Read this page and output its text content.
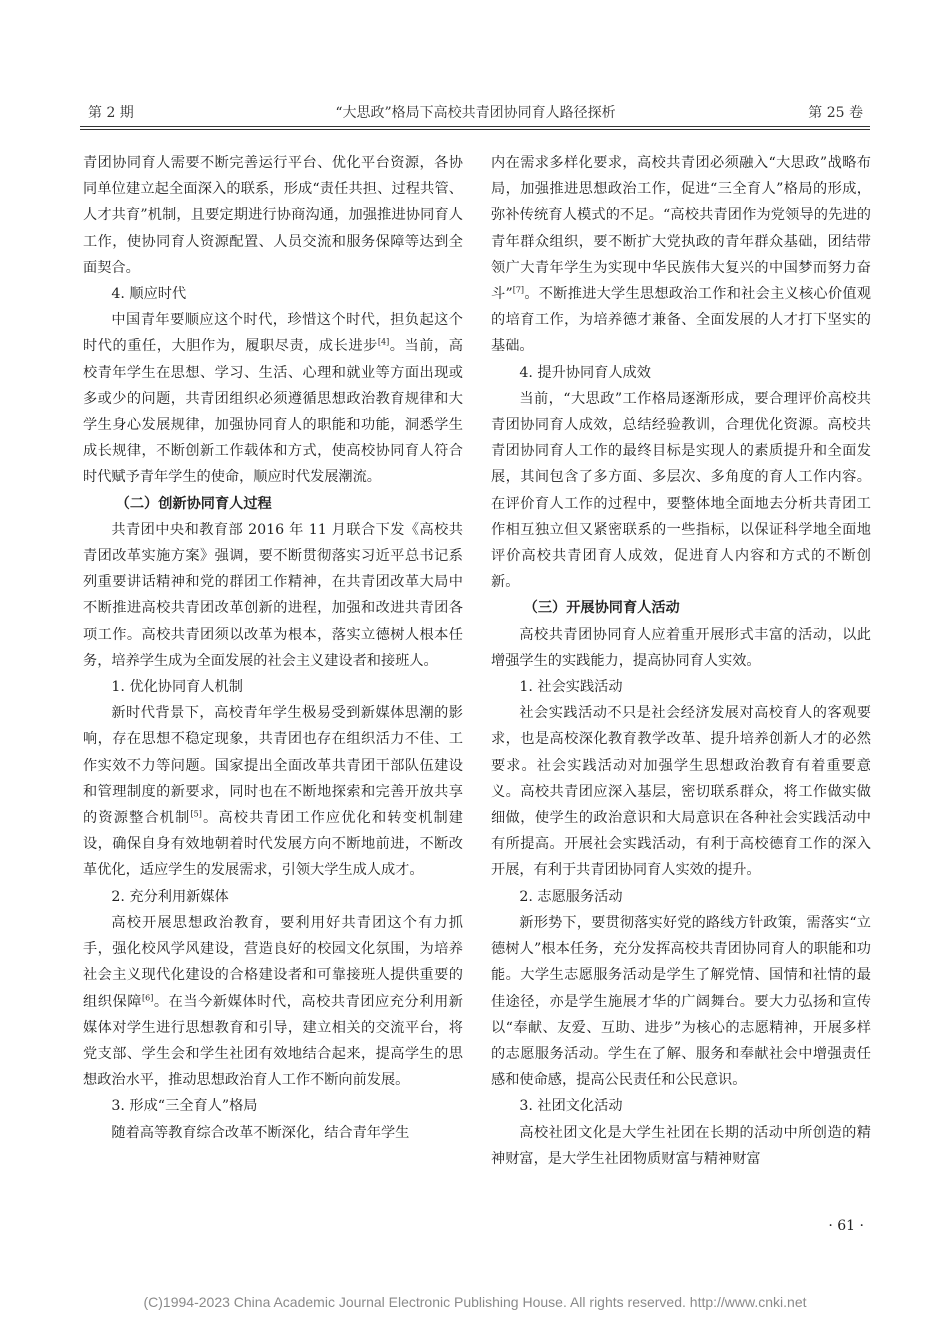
第 2 期	“大思政”格局下高校共青团协同育人路径探析	第 25 卷

青团协同育人需要不断完善运行平台、优化平台资源，各协同单位建立起全面深入的联系，形成“责任共担、过程共管、人才共育”机制，且要定期进行协商沟通，加强推进协同育人工作，使协同育人资源配置、人员交流和服务保障等达到全面契合。

4. 顺应时代

中国青年要顺应这个时代，珍惜这个时代，担负起这个时代的重任，大胆作为，履职尽责，成长进步[4]。当前，高校青年学生在思想、学习、生活、心理和就业等方面出现或多或少的问题，共青团组织必须遵循思想政治教育规律和大学生身心发展规律，加强协同育人的职能和功能，洞悉学生成长规律，不断创新工作载体和方式，使高校协同育人符合时代赋予青年学生的使命，顺应时代发展潮流。

（二）创新协同育人过程

共青团中央和教育部 2016 年 11 月联合下发《高校共青团改革实施方案》强调，要不断贯彻落实习近平总书记系列重要讲话精神和党的群团工作精神，在共青团改革大局中不断推进高校共青团改革创新的进程，加强和改进共青团各项工作。高校共青团须以改革为根本，落实立德树人根本任务，培养学生成为全面发展的社会主义建设者和接班人。

1. 优化协同育人机制

新时代背景下，高校青年学生极易受到新媒体思潮的影响，存在思想不稳定现象，共青团也存在组织活力不佳、工作实效不力等问题。国家提出全面改革共青团干部队伍建设和管理制度的新要求，同时也在不断地探索和完善开放共享的资源整合机制[5]。高校共青团工作应优化和转变机制建设，确保自身有效地朝着时代发展方向不断地前进，不断改革优化，适应学生的发展需求，引领大学生成人成才。

2. 充分利用新媒体

高校开展思想政治教育，要利用好共青团这个有力抓手，强化校风学风建设，营造良好的校园文化氛围，为培养社会主义现代化建设的合格建设者和可靠接班人提供重要的组织保障[6]。在当今新媒体时代，高校共青团应充分利用新媒体对学生进行思想教育和引导，建立相关的交流平台，将党支部、学生会和学生社团有效地结合起来，提高学生的思想政治水平，推动思想政治育人工作不断向前发展。

3. 形成“三全育人”格局

随着高等教育综合改革不断深化，结合青年学生

内在需求多样化要求，高校共青团必须融入“大思政”战略布局，加强推进思想政治工作，促进“三全育人”格局的形成，弥补传统育人模式的不足。“高校共青团作为党领导的先进的青年群众组织，要不断扩大党执政的青年群众基础，团结带领广大青年学生为实现中华民族伟大复兴的中国梦而努力奋斗”[7]。不断推进大学生思想政治工作和社会主义核心价值观的培育工作，为培养德才兼备、全面发展的人才打下坚实的基础。

4. 提升协同育人成效

当前，“大思政”工作格局逐渐形成，要合理评价高校共青团协同育人成效，总结经验教训，合理优化资源。高校共青团协同育人工作的最终目标是实现人的素质提升和全面发展，其间包含了多方面、多层次、多角度的育人工作内容。在评价育人工作的过程中，要整体地全面地去分析共青团工作相互独立但又紧密联系的一些指标，以保证科学地全面地评价高校共青团育人成效，促进育人内容和方式的不断创新。

（三）开展协同育人活动

高校共青团协同育人应着重开展形式丰富的活动，以此增强学生的实践能力，提高协同育人实效。

1. 社会实践活动

社会实践活动不只是社会经济发展对高校育人的客观要求，也是高校深化教育教学改革、提升培养创新人才的必然要求。社会实践活动对加强学生思想政治教育有着重要意义。高校共青团应深入基层，密切联系群众，将工作做实做细做，使学生的政治意识和大局意识在各种社会实践活动中有所提高。开展社会实践活动，有利于高校德育工作的深入开展，有利于共青团协同育人实效的提升。

2. 志愿服务活动

新形势下，要贯彻落实好党的路线方针政策，需落实“立德树人”根本任务，充分发挥高校共青团协同育人的职能和功能。大学生志愿服务活动是学生了解党情、国情和社情的最佳途径，亦是学生施展才华的广阔舞台。要大力弘扬和宣传以“奉献、友爱、互助、进步”为核心的志愿精神，开展多样的志愿服务活动。学生在了解、服务和奉献社会中增强责任感和使命感，提高公民责任和公民意识。

3. 社团文化活动

高校社团文化是大学生社团在长期的活动中所创造的精神财富，是大学生社团物质财富与精神财富

· 61 ·
(C)1994-2023 China Academic Journal Electronic Publishing House. All rights reserved. http://www.cnki.net
